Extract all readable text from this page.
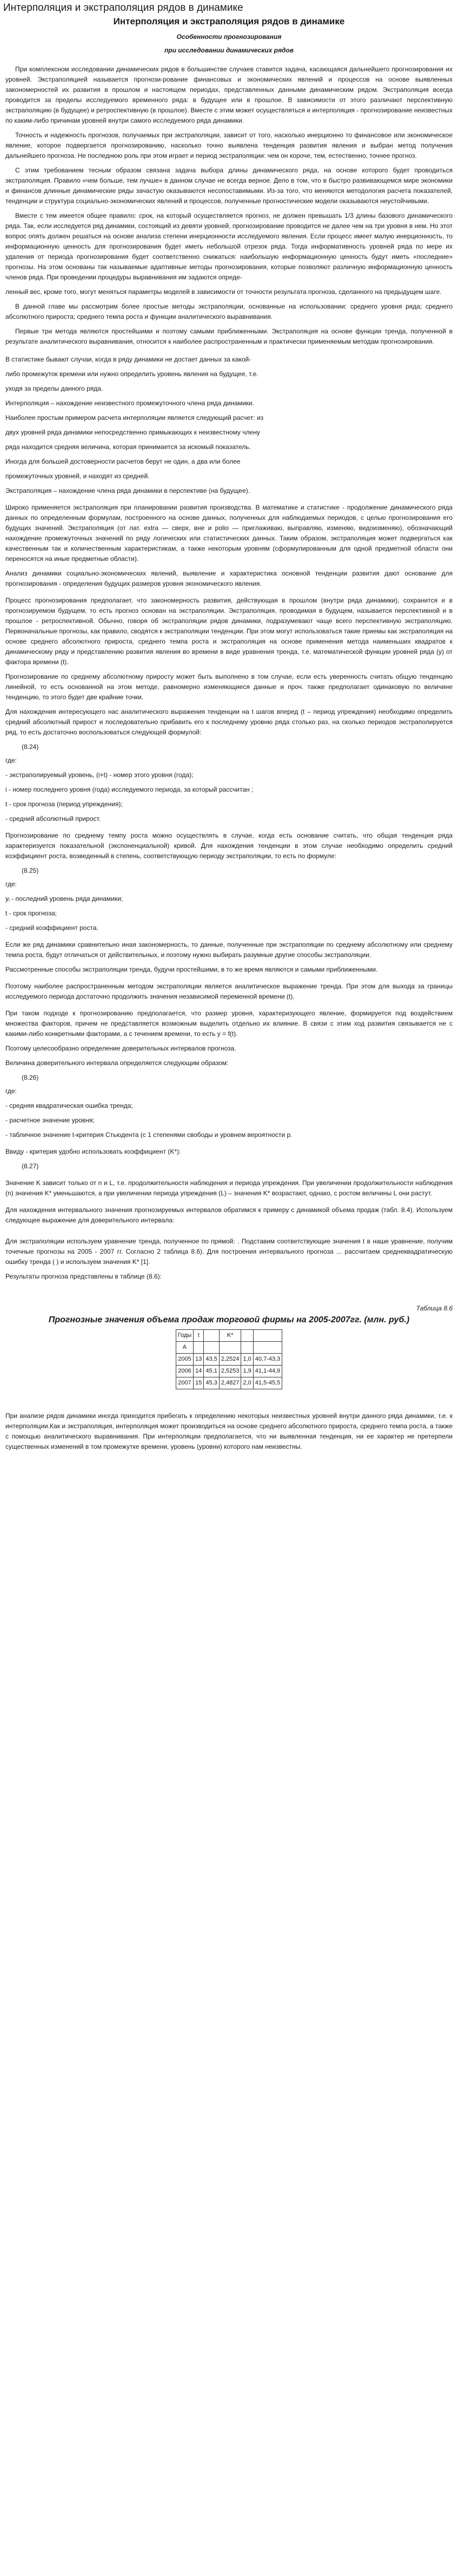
Интерполяция и экстраполяция рядов в динамике
Интерполяция и экстраполяция рядов в динамике
Особенности прогнозирования
при исследовании динамических рядов

При комплексном исследовании динамических рядов в большинстве случаев ставится задача, касающаяся дальнейшего прогнозирования их уровней. Экстраполяцией называется прогнози-рование финансовых и экономических явлений и процессов на основе выявленных закономерностей их развития в прошлом и настоящем периодах, представленных данными динамическим рядом. Экстраполяция всегда проводится за пределы исследуемого временного ряда: в будущее или в прошлое. В зависимости от этого различают перспективную экстраполяцию (в будущее) и ретроспективную (в прошлое). Вместе с этим может осуществляться и интерполяция - прогнозирование неизвестных по каким-либо причинам уровней внутри самого исследуемого ряда динамики.

Точность и надежность прогнозов, получаемых при экстраполяции, зависит от того, насколько инерционно то финансовое или экономическое явление, которое подвергается прогнозированию, насколько точно выявлена тенденция развития явления и выбран метод получения дальнейшего прогноза. Не последнюю роль при этом играет и период экстраполяции: чем он короче, тем, естественно, точнее прогноз.

С этим требованием тесным образом связана задача выбора длины динамического ряда, на основе которого будет проводиться экстраполяция. Правило «чем больше, тем лучше» в данном случае не всегда верное. Дело в том, что в быстро развивающемся мире экономики и финансов длинные динамические ряды зачастую оказываются несопоставимыми. Из-за того, что меняются методология расчета показателей, тенденции и структура социально-экономических явлений и процессов, полученные прогностические модели оказываются неустойчивыми.

Вместе с тем имеется общее правило: срок, на который осуществляется прогноз, не должен превышать 1/3 длины базового динамического ряда. Так, если исследуется ряд динамики, состоящий из девяти уровней, прогнозирование проводится не далее чем на три уровня в нем. Но этот вопрос опять должен решаться на основе анализа степени инерционности исследуемого явления. Если процесс имеет малую инерционность, то информационную ценность для прогнозирования будет иметь небольшой отрезок ряда. Тогда информативность уровней ряда по мере их удаления от периода прогнозирования будет соответственно снижаться: наибольшую информационную ценность будут иметь «последние» прогнозы. На этом основаны так называемые адаптивные методы прогнозирования, которые позволяют различную информационную ценность членов ряда. При проведении процедуры выравнивания им задаются опреде-

ленный вес, кроме того, могут меняться параметры моделей в зависимости от точности результата прогноза, сделанного на предыдущем шаге.

В данной главе мы рассмотрим более простые методы экстраполяции, основанные на использовании: среднего уровня ряда; среднего абсолютного прироста; среднего темпа роста и функции аналитического выравнивания.

Первые три метода являются простейшими и поэтому самыми приближенными. Экстраполяция на основе функции тренда, полученной в результате аналитического выравнивания, относится к наиболее распространенным и практически применяемым методам прогнозирования.

В статистике бывают случаи, когда в ряду динамики не достает данных за какой-

либо промежуток времени или нужно определить уровень явления на будущее, т.е.

уходя за пределы данного ряда.

Интерполяция – нахождение неизвестного промежуточного члена ряда динамики.

Наиболее простым примером расчета интерполяции является следующий расчет: из

двух уровней ряда динамики непосредственно примыкающих к неизвестному члену

ряда находится средняя величина, которая принимается за искомый показатель.

Иногда для большей достоверности расчетов берут не один, а два или более

промежуточных уровней, и находят из средней.

Экстраполяция – нахождение члена ряда динамики в перспективе (на будущее).

Широко применяется экстраполяция при планировании развития производства. В математике и статистике - продолжение динамического ряда данных по определенным формулам, построенного на основе данных, полученных для наблюдаемых периодов, с целью прогнозирования его будущих значений. Экстраполяция (от лат. extra — сверх, вне и polio — приглаживаю, выправляю, изменяю, видоизменяю), обозначающий нахождение промежуточных значений по ряду логических или статистических данных. Таким образом, экстраполяция может подвергаться как качественным так и количественным характеристикам, а также некоторым уровням (сформулированным для одной предметной области они переносятся на иные предметные области).

Анализ динамики социально-экономических явлений, выявление и характеристика основной тенденции развития дают основание для прогнозирования - определения будущих размеров уровня экономического явления.

Процесс прогнозирования предполагает, что закономерность развития, действующая в прошлом (внутри ряда динамики), сохранится и в прогнозируемом будущем, то есть прогноз основан на экстраполяции. Экстраполяция, проводимая в будущем, называется перспективной и в прошлое - ретроспективной. Обычно, говоря об экстраполяции рядов динамики, подразумевают чаще всего перспективную экстраполяцию. Первоначальные прогнозы, как правило, сводятся к экстраполяции тенденции. При этом могут использоваться такие приемы как экстраполяция на основе среднего абсолютного прироста, среднего темпа роста и экстраполяция на основе применения метода наименьших квадратов к динамическому ряду и представлению развития явления во времени в виде уравнения тренда, т.е. математической функции уровней ряда (у) от фактора времени (t).

Прогнозирование по среднему абсолютному приросту может быть выполнено в том случае, если есть уверенность считать общую тенденцию линейной, то есть основанной на этом методе, равномерно изменяющиеся данные и проч. также предполагает одинаковую по величине тенденцию, то этого будет две крайние точки.

Для нахождения интересующего нас аналитического выражения тенденции на t шагов вперед (t – период упреждения) необходимо определить средний абсолютный прирост и последовательно прибавить его к последнему уровню ряда столько раз, на сколько периодов экстраполируется ряд, то есть достаточно воспользоваться следующей формулой:

(8.24)

где:

- экстраполируемый уровень, (i+t) - номер этого уровня (года);

i - номер последнего уровня (года) исследуемого периода, за который рассчитан ;

t - срок прогноза (период упреждения);

- средний абсолютный прирост.

Прогнозирование по среднему темпу роста можно осуществлять в случае, когда есть основание считать, что общая тенденция ряда характеризуется показательной (экспоненциальной) кривой. Для нахождения тенденции в этом случае необходимо определить средний коэффициент роста, возведенный в степень, соответствующую периоду экстраполяции, то есть по формуле:

(8.25)

где:

yᵢ - последний уровень ряда динамики;

t - срок прогноза;

- средний коэффициент роста.

Если же ряд динамики сравнительно иная закономерность, то данные, полученные при экстраполяции по среднему абсолютному или среднему темпа роста, будут отличаться от действительных, и поэтому нужно выбирать разумные другие способы экстраполяции.

Рассмотренные способы экстраполяции тренда, будучи простейшими, в то же время являются и самыми приближенными.

Поэтому наиболее распространенным методом экстраполяции является аналитическое выражение тренда. При этом для выхода за границы исследуемого периода достаточно продолжить значения независимой переменной времени (t).

При таком подходе к прогнозированию предполагается, что размер уровня, характеризующего явление, формируется под воздействием множества факторов, причем не представляется возможным выделить отдельно их влияние. В связи с этим ход развития связывается не с какими-либо конкретными факторами, а с течением времени, то есть y = f(t).

Поэтому целесообразно определение доверительных интервалов прогноза.

Величина доверительного интервала определяется следующим образом:

(8.26)

где:

- средняя квадратическая ошибка тренда;

- расчетное значение уровня;

- табличное значение t-критерия Стьюдента (с 1 степенями свободы и уровнем вероятности p.

Ввиду - критерия удобно использовать коэффициент (K*):

(8.27)

Значение K зависит только от n и L, т.е. продолжительности наблюдения и периода упреждения. При увеличении продолжительности наблюдения (n) значения K* уменьшаются, а при увеличении периода упреждения (L) – значения K* возрастают, однако, с ростом величины L они растут.

Для нахождения интервального значения прогнозируемых интервалов обратимся к примеру с динамикой объема продаж (табл. 8.4). Используем следующее выражение для доверительного интервала:

Для экстраполяции используем уравнение тренда, полученное по прямой: . Подставим соответствующие значения t в наше уравнение, получим точечные прогнозы на 2005 - 2007 гг. Согласно 2 таблица 8.6). Для построения интервального прогноза ... рассчитаем среднеквадратическую ошибку тренда ( ) и используем значения K* [1].

Результаты прогноза представлены в таблице (8.6):

Таблица 8.6
Прогнозные значения объема продаж торговой фирмы на 2005-2007гг. (млн. руб.)
Годы	t		K*		
A					
2005	13	43,5	2,2524	1,0	40,7-43,3
2006	14	45,1	2,5253	1,9	41,1-44,9
2007	15	45,3	2,4827	2,0	41,5-45,5

При анализе рядов динамики иногда приходится прибегать к определению некоторых неизвестных уровней внутри данного ряда динамики, т.е. к интерполяции.Как и экстраполяция, интерполяция может производиться на основе среднего абсолютного прироста, среднего темпа роста, а также с помощью аналитического выравнивания. При интерполяции предполагается, что ни выявленная тенденция, ни ее характер не претерпели существенных изменений в том промежутке времени, уровень (уровни) которого нам неизвестны.
